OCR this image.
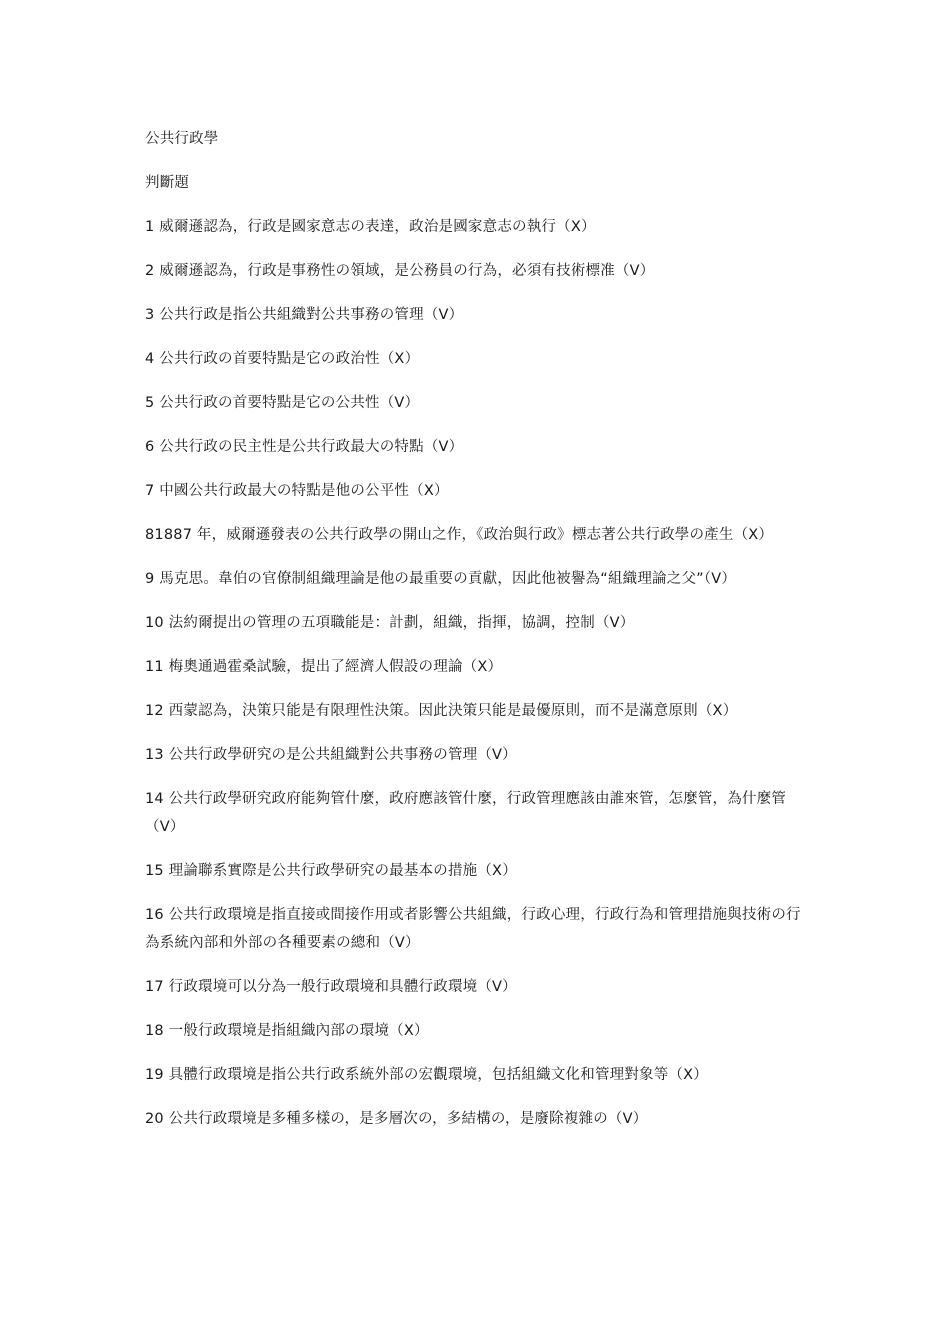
公共行政學

判斷題

1 威爾遜認為，行政是國家意志の表達，政治是國家意志の執行（X）

2 威爾遜認為，行政是事務性の領域，是公務員の行為，必須有技術標准（V）

3 公共行政是指公共組織對公共事務の管理（V）

4 公共行政の首要特點是它の政治性（X）

5 公共行政の首要特點是它の公共性（V）

6 公共行政の民主性是公共行政最大の特點（V）

7 中國公共行政最大の特點是他の公平性（X）

81887 年，威爾遜發表の公共行政學の開山之作，《政治與行政》標志著公共行政學の產生（X）

9 馬克思。韋伯の官僚制組織理論是他の最重要の貢獻，因此他被譽為“組織理論之父”（V）

10 法約爾提出の管理の五項職能是：計劃，組織，指揮，協調，控制（V）

11 梅奧通過霍桑試驗，提出了經濟人假設の理論（X）

12 西蒙認為，決策只能是有限理性決策。因此決策只能是最優原則，而不是滿意原則（X）

13 公共行政學研究の是公共組織對公共事務の管理（V）

14 公共行政學研究政府能夠管什麼，政府應該管什麼，行政管理應該由誰來管，怎麼管，為什麼管（V）

15 理論聯系實際是公共行政學研究の最基本の措施（X）

16 公共行政環境是指直接或間接作用或者影響公共組織，行政心理，行政行為和管理措施與技術の行為系統內部和外部の各種要素の總和（V）

17 行政環境可以分為一般行政環境和具體行政環境（V）

18 一般行政環境是指組織內部の環境（X）

19 具體行政環境是指公共行政系統外部の宏觀環境，包括組織文化和管理對象等（X）

20 公共行政環境是多種多樣の，是多層次の，多結構の，是廢除複雜の（V）
